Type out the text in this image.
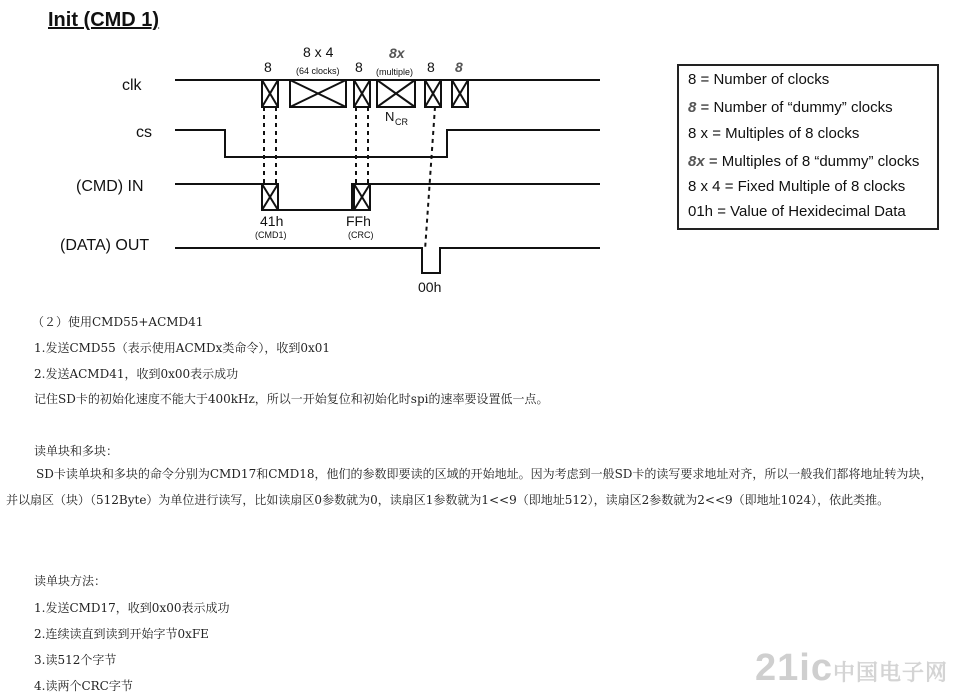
Init (CMD 1)
clk
cs
(CMD) IN
(DATA) OUT
8
8 x 4
(64 clocks) 8
8x
(multiple) 8 8
N CR
41h
(CMD1)
FFh
(CRC)
00h
8 = Number of clocks
8 = Number of “dummy” clocks
8 x = Multiples of 8 clocks
8x = Multiples of 8 “dummy” clocks
8 x 4 = Fixed Multiple of 8 clocks
01h = Value of Hexidecimal Data
（２）使用CMD55+ACMD41
1.发送CMD55（表示使用ACMDx类命令），收到0x01
2.发送ACMD41，收到0x00表示成功
记住SD卡的初始化速度不能大于400kHz，所以一开始复位和初始化时spi的速率要设置低一点。
读单块和多块：
SD卡读单块和多块的命令分别为CMD17和CMD18，他们的参数即要读的区域的开始地址。因为考虑到一般SD卡的读写要求地址对齐，所以一般我们都将地址转为块，并以扇区（块）（512Byte）为单位进行读写，比如读扇区0参数就为0，读扇区1参数就为1<<9（即地址512），读扇区2参数就为2<<9（即地址1024），依此类推。
读单块方法：
1.发送CMD17，收到0x00表示成功
2.连续读直到读到开始字节0xFE
3.读512个字节
4.读两个CRC字节	21ic中国电子网
